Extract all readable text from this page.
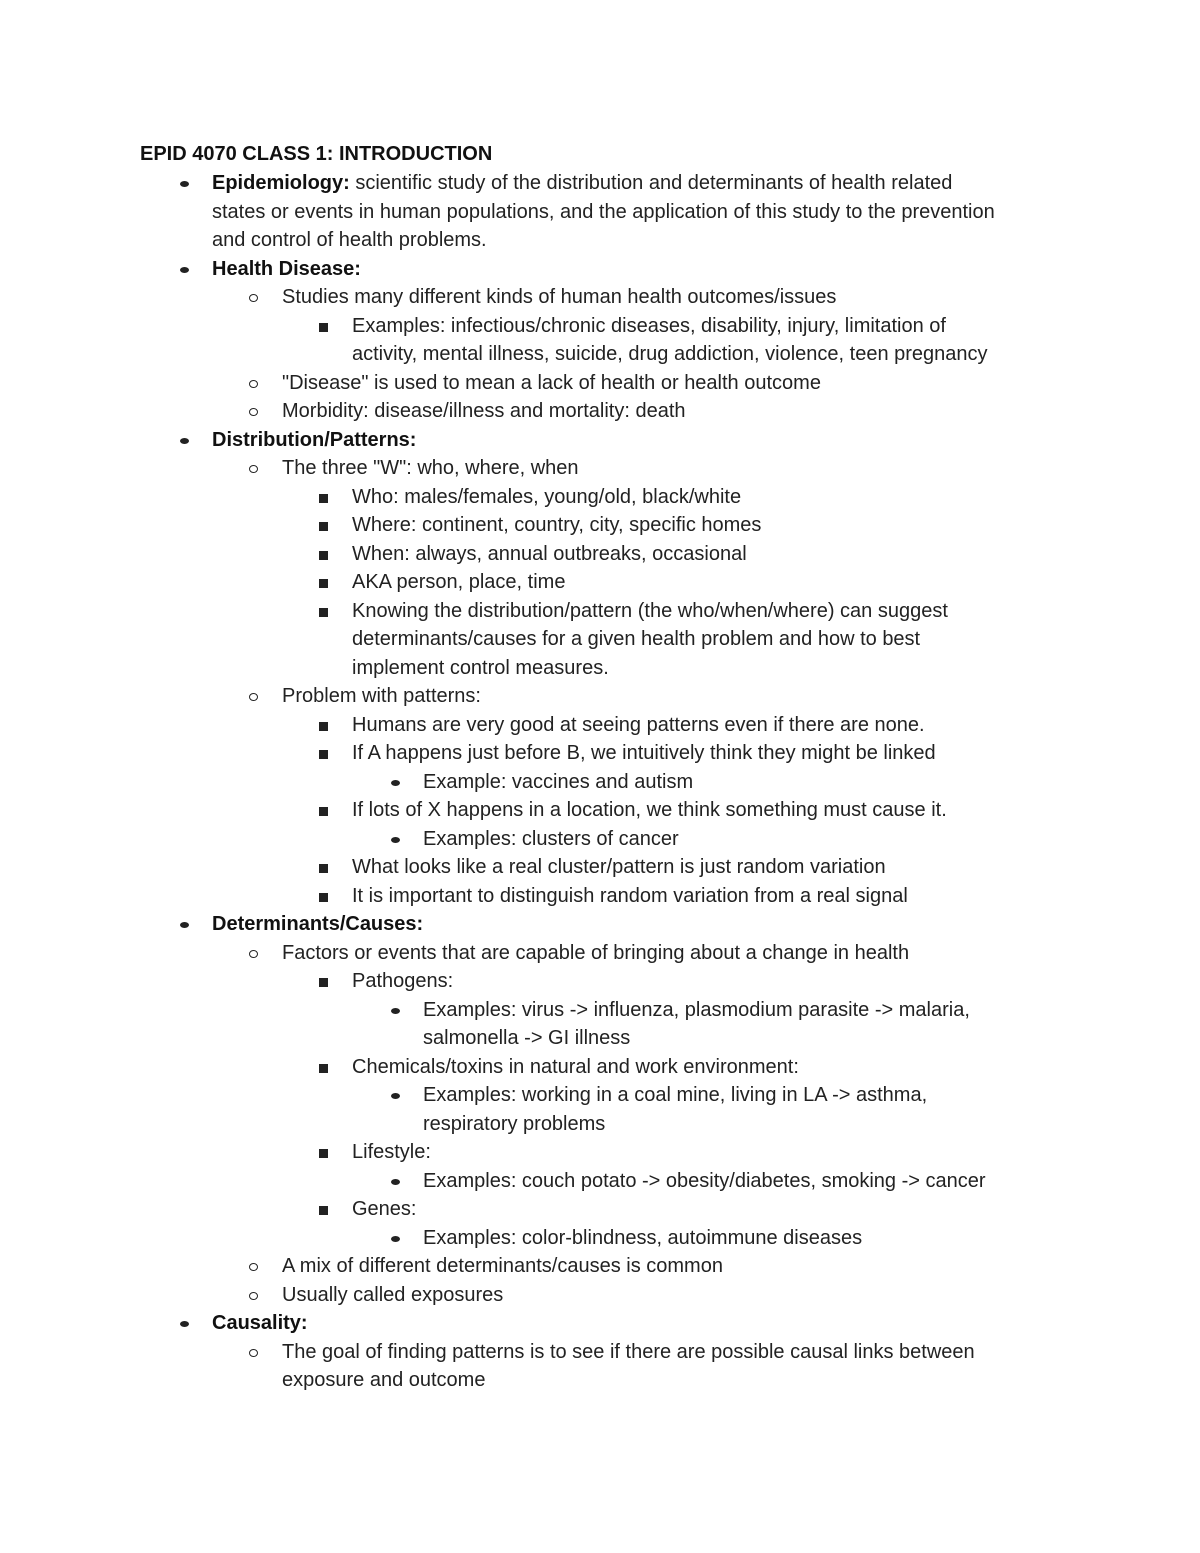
EPID 4070 CLASS 1: INTRODUCTION
Epidemiology: scientific study of the distribution and determinants of health related
states or events in human populations, and the application of this study to the prevention
and control of health problems.
Health Disease:
Studies many different kinds of human health outcomes/issues
Examples: infectious/chronic diseases, disability, injury, limitation of
activity, mental illness, suicide, drug addiction, violence, teen pregnancy
"Disease" is used to mean a lack of health or health outcome
Morbidity: disease/illness and mortality: death
Distribution/Patterns:
The three "W": who, where, when
Who: males/females, young/old, black/white
Where: continent, country, city, specific homes
When: always, annual outbreaks, occasional
AKA person, place, time
Knowing the distribution/pattern (the who/when/where) can suggest
determinants/causes for a given health problem and how to best
implement control measures.
Problem with patterns:
Humans are very good at seeing patterns even if there are none.
If A happens just before B, we intuitively think they might be linked
Example: vaccines and autism
If lots of X happens in a location, we think something must cause it.
Examples: clusters of cancer
What looks like a real cluster/pattern is just random variation
It is important to distinguish random variation from a real signal
Determinants/Causes:
Factors or events that are capable of bringing about a change in health
Pathogens:
Examples: virus -> influenza, plasmodium parasite -> malaria,
salmonella -> GI illness
Chemicals/toxins in natural and work environment:
Examples: working in a coal mine, living in LA -> asthma,
respiratory problems
Lifestyle:
Examples: couch potato -> obesity/diabetes, smoking -> cancer
Genes:
Examples: color-blindness, autoimmune diseases
A mix of different determinants/causes is common
Usually called exposures
Causality:
The goal of finding patterns is to see if there are possible causal links between
exposure and outcome
